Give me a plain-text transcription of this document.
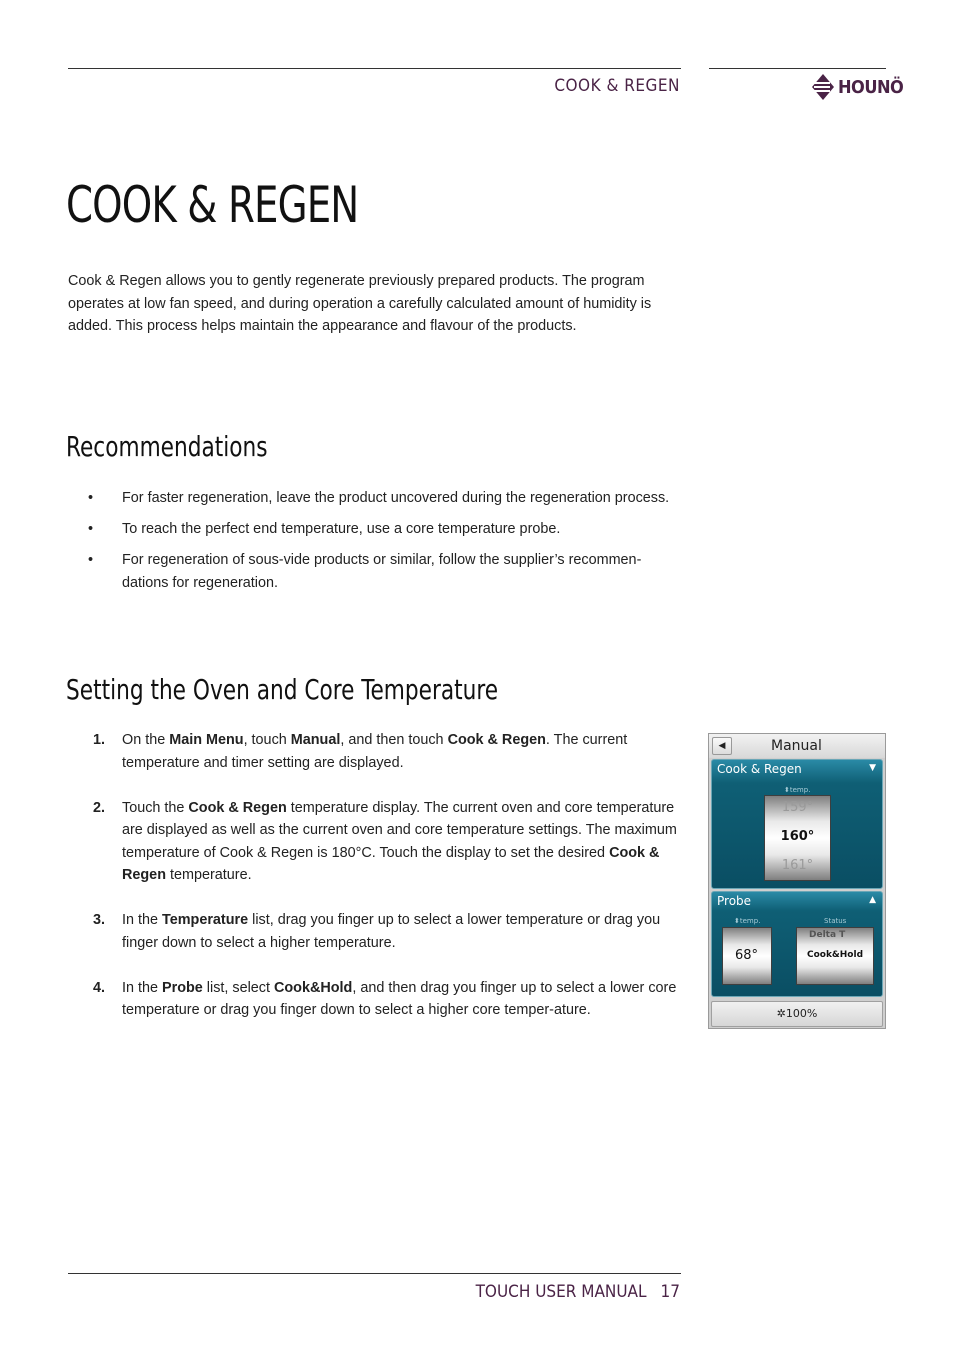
COOK & REGEN	HOUNÖ
COOK & REGEN

Cook & Regen allows you to gently regenerate previously prepared products. The program operates at low fan speed, and during operation a carefully calculated amount of humidity is added. This process helps maintain the appearance and flavour of the products.

Recommendations
• For faster regeneration, leave the product uncovered during the regeneration process.
• To reach the perfect end temperature, use a core temperature probe.
• For regeneration of sous-vide products or similar, follow the supplier’s recommen-dations for regeneration.
Setting the Oven and Core Temperature
1. On the Main Menu, touch Manual, and then touch Cook & Regen. The current temperature and timer setting are displayed.
2. Touch the Cook & Regen temperature display. The current oven and core temperature are displayed as well as the current oven and core temperature settings. The maximum temperature of Cook & Regen is 180°C. Touch the display to set the desired Cook & Regen temperature.
3. In the Temperature list, drag you finger up to select a lower temperature or drag you finger down to select a higher temperature.
4. In the Probe list, select Cook&Hold, and then drag you finger up to select a lower core temperature or drag you finger down to select a higher core temper-ature.
◀	Manual
Cook & Regen	▼
⬍temp.
159°
160°
161°
Probe	▲
⬍temp.	Status
68°
Delta T
Cook&Hold
✲100%
TOUCH USER MANUAL 17
